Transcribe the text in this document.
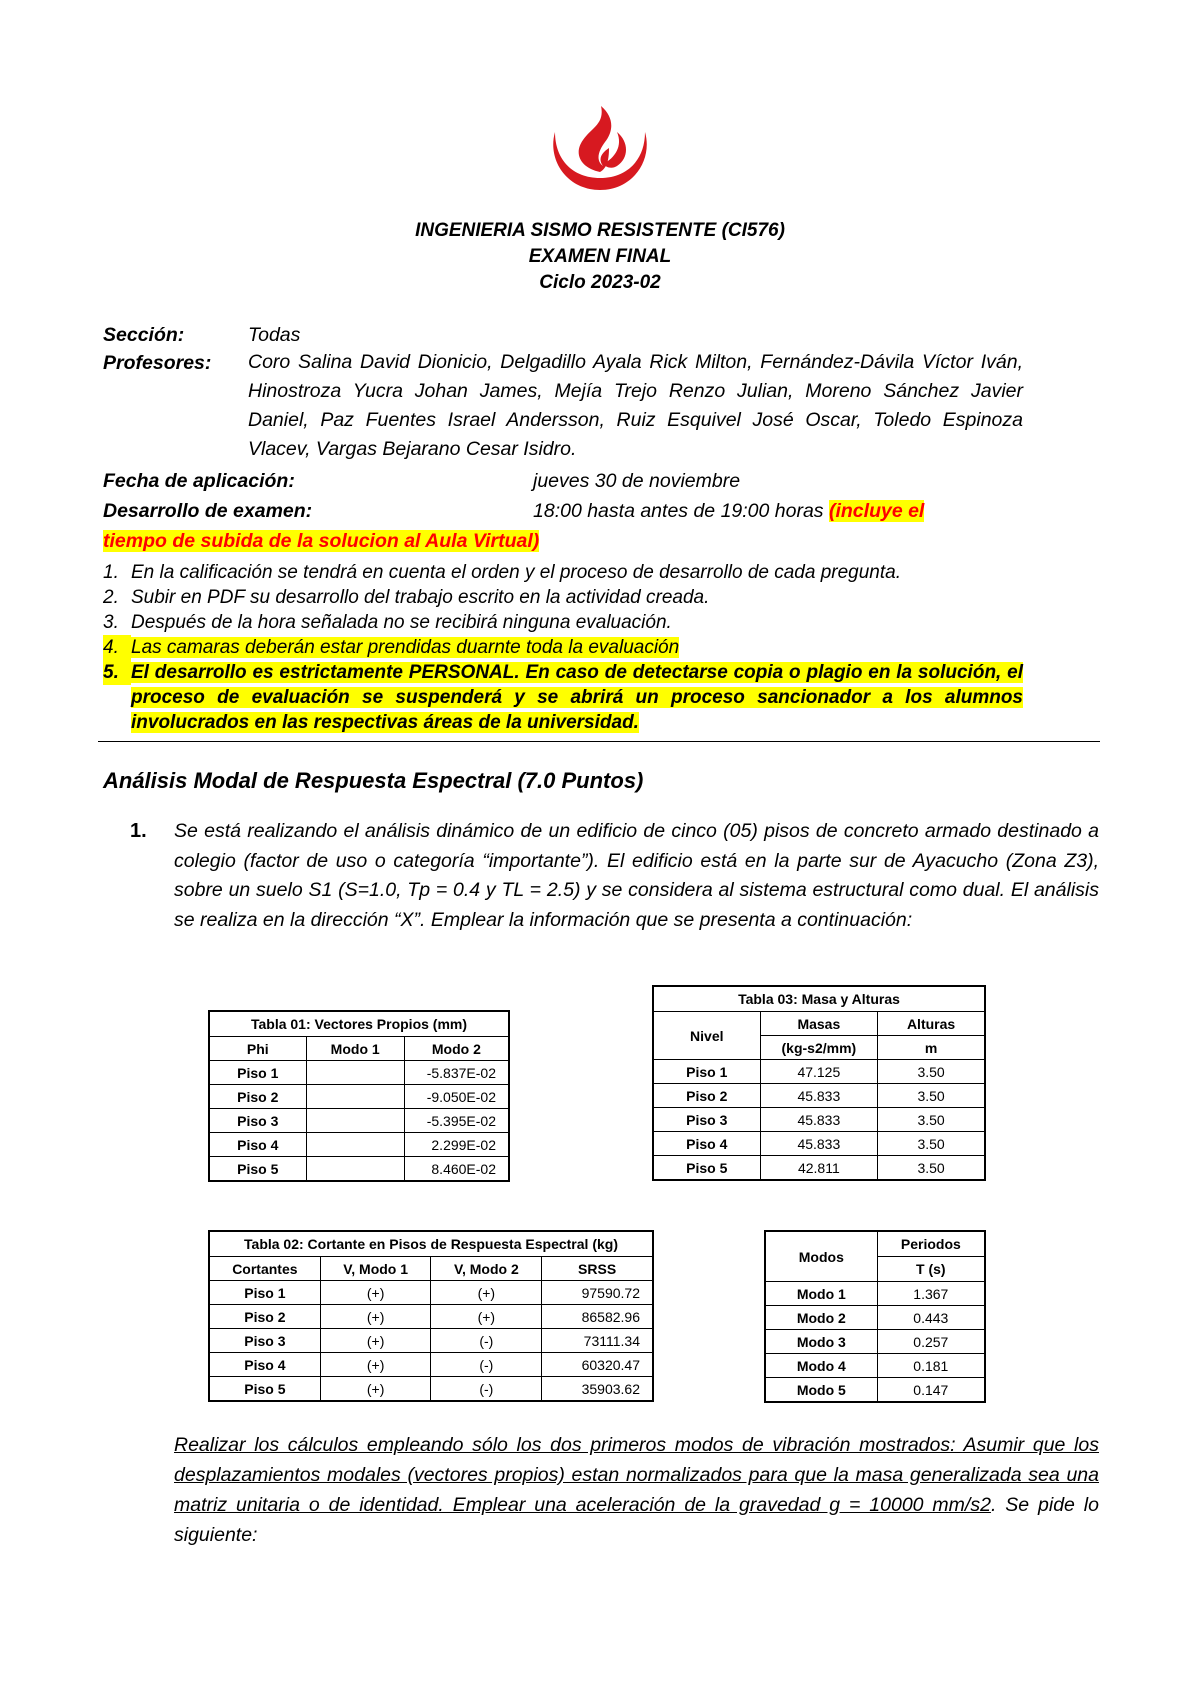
INGENIERIA SISMO RESISTENTE (CI576)
EXAMEN FINAL
Ciclo 2023-02
Sección:	Todas
Profesores: Coro Salina David Dionicio, Delgadillo Ayala Rick Milton, Fernández-Dávila Víctor Iván, Hinostroza Yucra Johan James, Mejía Trejo Renzo Julian, Moreno Sánchez Javier Daniel, Paz Fuentes Israel Andersson, Ruiz Esquivel José Oscar, Toledo Espinoza Vlacev, Vargas Bejarano Cesar Isidro.
Fecha de aplicación:	jueves 30 de noviembre
Desarrollo de examen:	18:00 hasta antes de 19:00 horas (incluye el
tiempo de subida de la solucion al Aula Virtual)
1. En la calificación se tendrá en cuenta el orden y el proceso de desarrollo de cada pregunta.
2. Subir en PDF su desarrollo del trabajo escrito en la actividad creada.
3. Después de la hora señalada no se recibirá ninguna evaluación.
4. Las camaras deberán estar prendidas duarnte toda la evaluación
5. El desarrollo es estrictamente PERSONAL. En caso de detectarse copia o plagio en la solución, el proceso de evaluación se suspenderá y se abrirá un proceso sancionador a los alumnos involucrados en las respectivas áreas de la universidad.
Análisis Modal de Respuesta Espectral (7.0 Puntos)
1. Se está realizando el análisis dinámico de un edificio de cinco (05) pisos de concreto armado destinado a colegio (factor de uso o categoría “importante”). El edificio está en la parte sur de Ayacucho (Zona Z3), sobre un suelo S1 (S=1.0, Tp = 0.4 y TL = 2.5) y se considera al sistema estructural como dual. El análisis se realiza en la dirección “X”. Emplear la información que se presenta a continuación:
Tabla 01: Vectores Propios (mm)		
Phi	Modo 1	Modo 2
Piso 1		-5.837E-02
Piso 2		-9.050E-02
Piso 3		-5.395E-02
Piso 4		2.299E-02
Piso 5		8.460E-02
Tabla 03: Masa y Alturas		
Nivel	Masas	Alturas
	(kg-s2/mm)	m
Piso 1	47.125	3.50
Piso 2	45.833	3.50
Piso 3	45.833	3.50
Piso 4	45.833	3.50
Piso 5	42.811	3.50
Tabla 02: Cortante en Pisos de Respuesta Espectral (kg)			
Cortantes	V, Modo 1	V, Modo 2	SRSS
Piso 1	(+)	(+)	97590.72
Piso 2	(+)	(+)	86582.96
Piso 3	(+)	(-)	73111.34
Piso 4	(+)	(-)	60320.47
Piso 5	(+)	(-)	35903.62
Modos	Periodos
	T (s)
Modo 1	1.367
Modo 2	0.443
Modo 3	0.257
Modo 4	0.181
Modo 5	0.147
Realizar los cálculos empleando sólo los dos primeros modos de vibración mostrados: Asumir que los desplazamientos modales (vectores propios) estan normalizados para que la masa generalizada sea una matriz unitaria o de identidad. Emplear una aceleración de la gravedad g = 10000 mm/s2. Se pide lo siguiente:
